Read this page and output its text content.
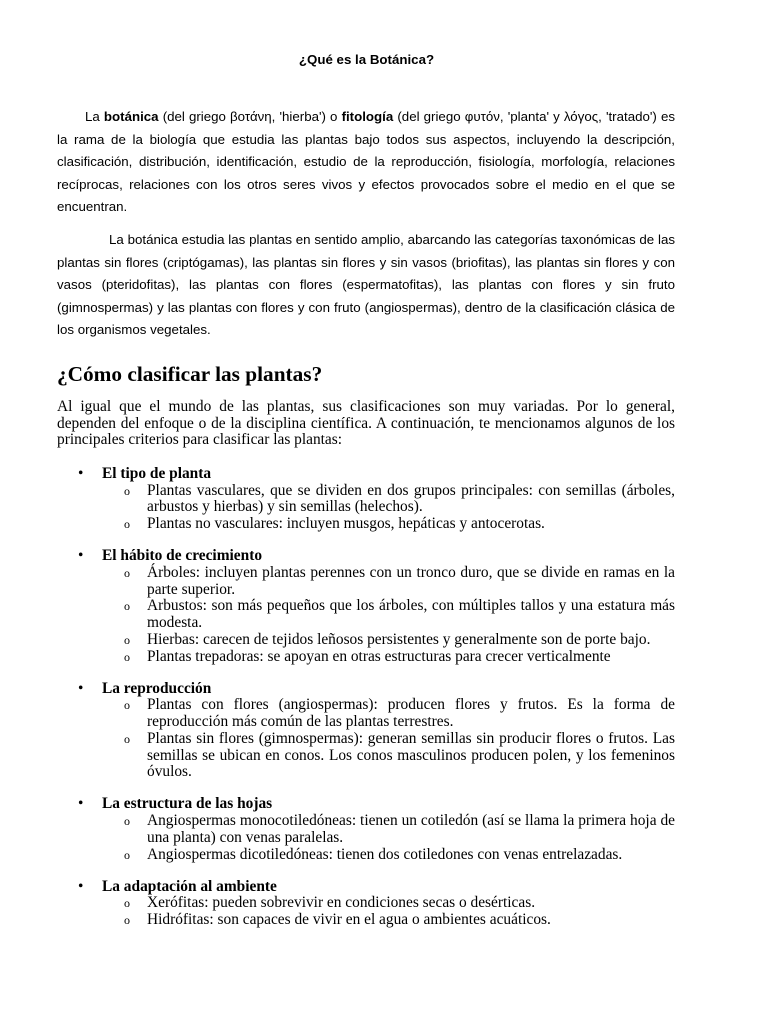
¿Qué es la Botánica?

La botánica (del griego βοτάνη, 'hierba') o fitología (del griego φυτόν, 'planta' y λόγος, 'tratado') es la rama de la biología que estudia las plantas bajo todos sus aspectos, incluyendo la descripción, clasificación, distribución, identificación, estudio de la reproducción, fisiología, morfología, relaciones recíprocas, relaciones con los otros seres vivos y efectos provocados sobre el medio en el que se encuentran.

La botánica estudia las plantas en sentido amplio, abarcando las categorías taxonómicas de las plantas sin flores (criptógamas), las plantas sin flores y sin vasos (briofitas), las plantas sin flores y con vasos (pteridofitas), las plantas con flores (espermatofitas), las plantas con flores y sin fruto (gimnospermas) y las plantas con flores y con fruto (angiospermas), dentro de la clasificación clásica de los organismos vegetales.

¿Cómo clasificar las plantas?

Al igual que el mundo de las plantas, sus clasificaciones son muy variadas. Por lo general, dependen del enfoque o de la disciplina científica. A continuación, te mencionamos algunos de los principales criterios para clasificar las plantas:

• El tipo de planta
o Plantas vasculares, que se dividen en dos grupos principales: con semillas (árboles, arbustos y hierbas) y sin semillas (helechos).
o Plantas no vasculares: incluyen musgos, hepáticas y antocerotas.
• El hábito de crecimiento
o Árboles: incluyen plantas perennes con un tronco duro, que se divide en ramas en la parte superior.
o Arbustos: son más pequeños que los árboles, con múltiples tallos y una estatura más modesta.
o Hierbas: carecen de tejidos leñosos persistentes y generalmente son de porte bajo.
o Plantas trepadoras: se apoyan en otras estructuras para crecer verticalmente
• La reproducción
o Plantas con flores (angiospermas): producen flores y frutos. Es la forma de reproducción más común de las plantas terrestres.
o Plantas sin flores (gimnospermas): generan semillas sin producir flores o frutos. Las semillas se ubican en conos. Los conos masculinos producen polen, y los femeninos óvulos.
• La estructura de las hojas
o Angiospermas monocotiledóneas: tienen un cotiledón (así se llama la primera hoja de una planta) con venas paralelas.
o Angiospermas dicotiledóneas: tienen dos cotiledones con venas entrelazadas.
• La adaptación al ambiente
o Xerófitas: pueden sobrevivir en condiciones secas o desérticas.
o Hidrófitas: son capaces de vivir en el agua o ambientes acuáticos.
